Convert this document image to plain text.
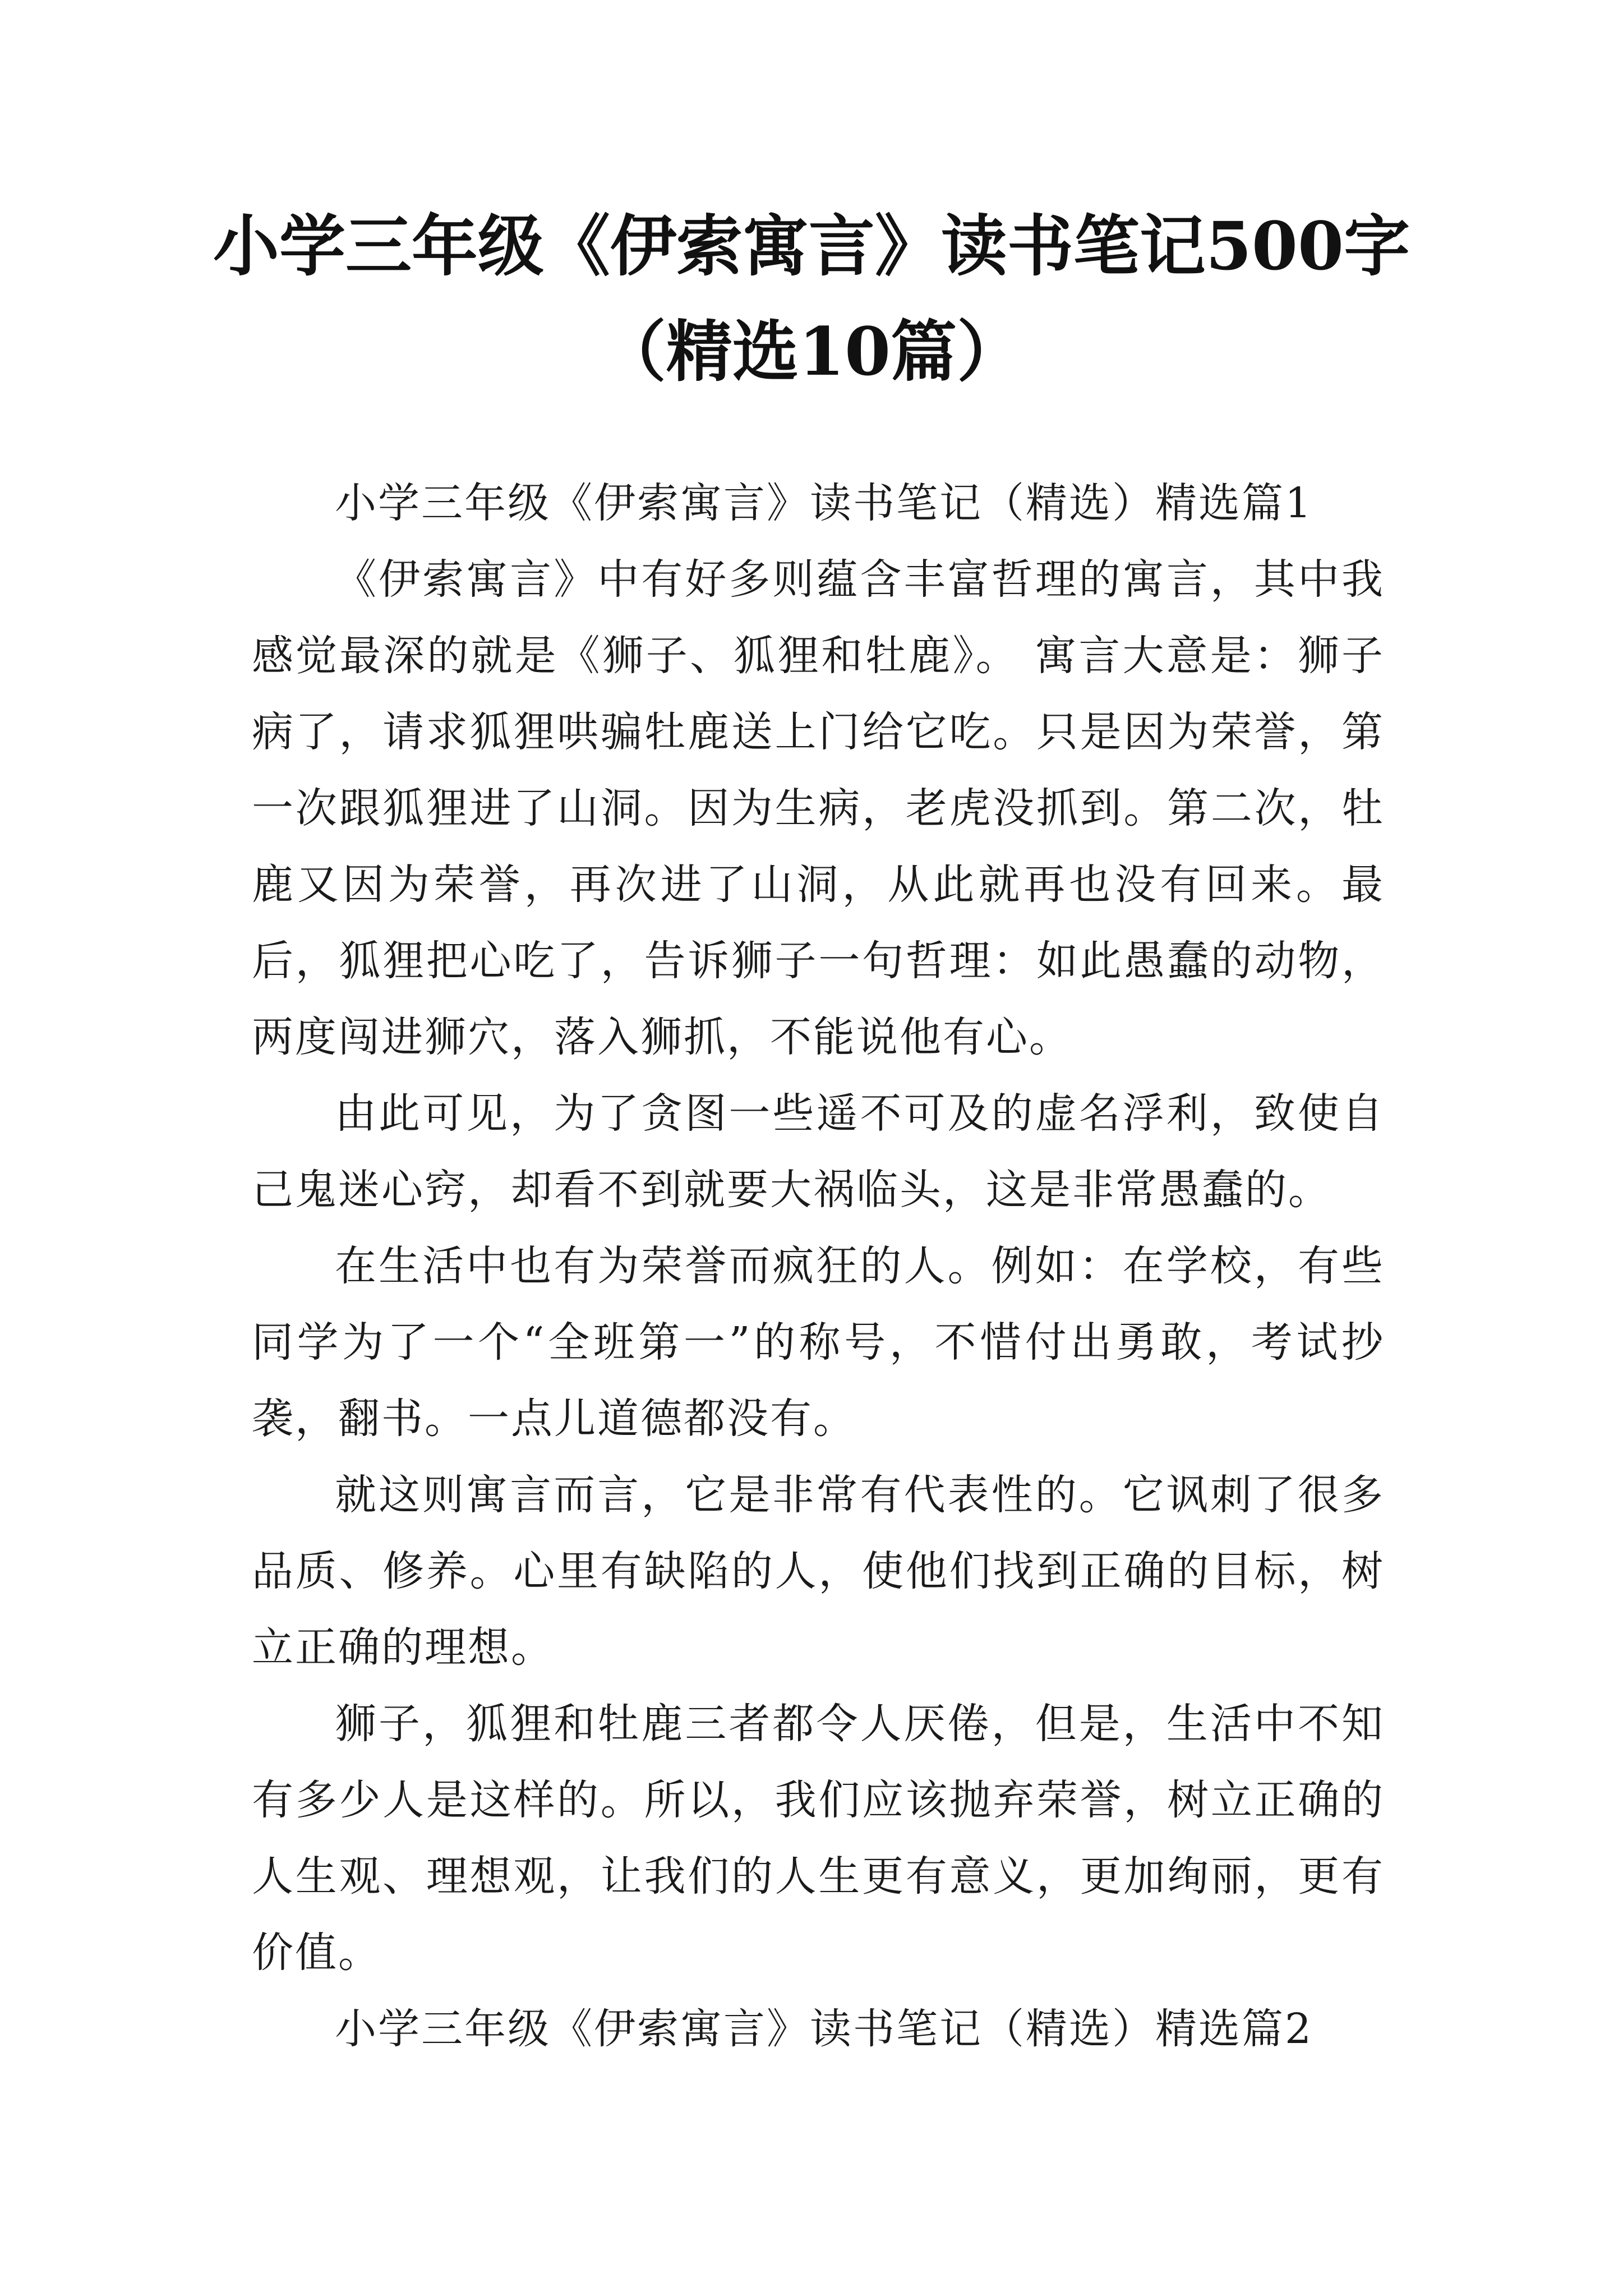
小学三年级《伊索寓言》读书笔记500字
（精选10篇）

小学三年级《伊索寓言》读书笔记（精选）精选篇1

《伊索寓言》中有好多则蕴含丰富哲理的寓言，其中我感觉最深的就是《狮子、狐狸和牡鹿》。 寓言大意是：狮子病了，请求狐狸哄骗牡鹿送上门给它吃。只是因为荣誉，第一次跟狐狸进了山洞。因为生病，老虎没抓到。第二次，牡鹿又因为荣誉，再次进了山洞，从此就再也没有回来。最后，狐狸把心吃了，告诉狮子一句哲理：如此愚蠢的动物，两度闯进狮穴，落入狮抓，不能说他有心。

由此可见，为了贪图一些遥不可及的虚名浮利，致使自己鬼迷心窍，却看不到就要大祸临头，这是非常愚蠢的。

在生活中也有为荣誉而疯狂的人。例如：在学校，有些同学为了一个“全班第一”的称号，不惜付出勇敢，考试抄袭，翻书。一点儿道德都没有。

就这则寓言而言，它是非常有代表性的。它讽刺了很多品质、修养。心里有缺陷的人，使他们找到正确的目标，树立正确的理想。

狮子，狐狸和牡鹿三者都令人厌倦，但是，生活中不知有多少人是这样的。所以，我们应该抛弃荣誉，树立正确的人生观、理想观，让我们的人生更有意义，更加绚丽，更有价值。

小学三年级《伊索寓言》读书笔记（精选）精选篇2
